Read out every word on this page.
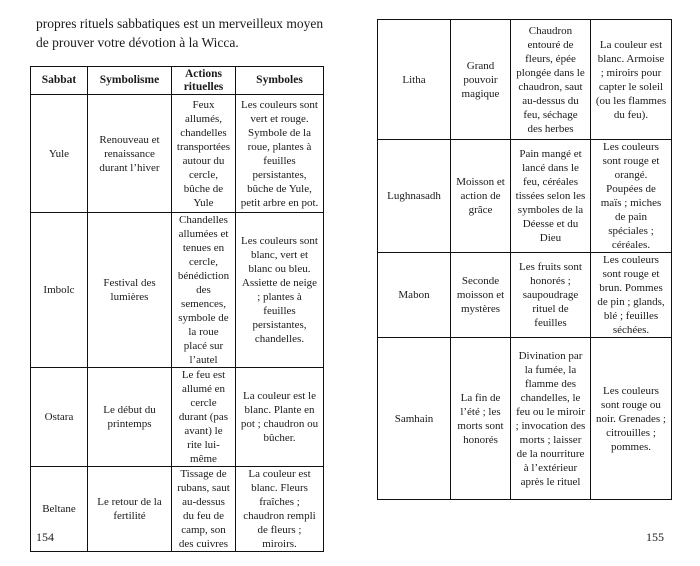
propres rituels sabbatiques est un merveilleux moyen de prouver votre dévotion à la Wicca.

Sabbat	Symbolisme	Actions rituelles	Symboles
Yule	Renouveau et renaissance durant l’hiver	Feux allumés, chandelles transportées autour du cercle, bûche de Yule	Les couleurs sont vert et rouge. Symbole de la roue, plantes à feuilles persistantes, bûche de Yule, petit arbre en pot.
Imbolc	Festival des lumières	Chandelles allumées et tenues en cercle, bénédiction des semences, symbole de la roue placé sur l’autel	Les couleurs sont blanc, vert et blanc ou bleu. Assiette de neige ; plantes à feuilles persistantes, chandelles.
Ostara	Le début du printemps	Le feu est allumé en cercle durant (pas avant) le rite lui-même	La couleur est le blanc. Plante en pot ; chaudron ou bûcher.
Beltane	Le retour de la fertilité	Tissage de rubans, saut au-dessus du feu de camp, son des cuivres	La couleur est blanc. Fleurs fraîches ; chaudron rempli de fleurs ; miroirs.
154
Litha	Grand pouvoir magique	Chaudron entouré de fleurs, épée plongée dans le chaudron, saut au-dessus du feu, séchage des herbes	La couleur est blanc. Armoise ; miroirs pour capter le soleil (ou les flammes du feu).
Lughnasadh	Moisson et action de grâce	Pain mangé et lancé dans le feu, céréales tissées selon les symboles de la Déesse et du Dieu	Les couleurs sont rouge et orangé. Poupées de maïs ; miches de pain spéciales ; céréales.
Mabon	Seconde moisson et mystères	Les fruits sont honorés ; saupoudrage rituel de feuilles	Les couleurs sont rouge et brun. Pommes de pin ; glands, blé ; feuilles séchées.
Samhain	La fin de l’été ; les morts sont honorés	Divination par la fumée, la flamme des chandelles, le feu ou le miroir ; invocation des morts ; laisser de la nourriture à l’extérieur après le rituel	Les couleurs sont rouge ou noir. Grenades ; citrouilles ; pommes.
155
